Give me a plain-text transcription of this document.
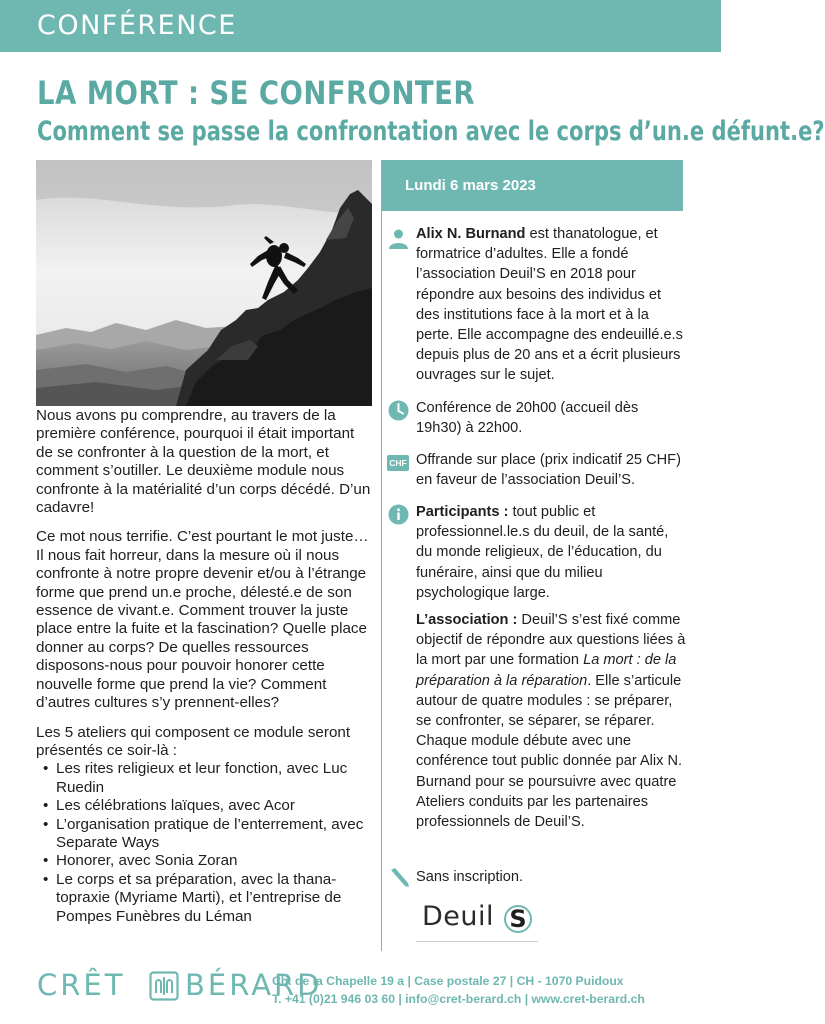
CONFÉRENCE
LA MORT : SE CONFRONTER
Comment se passe la confrontation avec le corps d’un.e défunt.e?

Nous avons pu comprendre, au travers de la première conférence, pourquoi il était important de se confronter à la question de la mort, et comment s’outiller. Le deuxième module nous confronte à la matérialité d’un corps décédé. D’un cadavre!

Ce mot nous terrifie. C’est pourtant le mot juste… Il nous fait horreur, dans la mesure où il nous confronte à notre propre devenir et/ou à l’étrange forme que prend un.e proche, délesté.e de son essence de vivant.e. Comment trouver la juste place entre la fuite et la fascination? Quelle place donner au corps? De quelles ressources disposons-nous pour pouvoir honorer cette nouvelle forme que prend la vie? Comment d’autres cultures s’y prennent-elles?

Les 5 ateliers qui composent ce module seront présentés ce soir-là :

• Les rites religieux et leur fonction, avec Luc Ruedin
• Les célébrations laïques, avec Acor
• L’organisation pratique de l’enterrement, avec Separate Ways
• Honorer, avec Sonia Zoran
• Le corps et sa préparation, avec la thanatopraxie (Myriame Marti), et l’entreprise de Pompes Funèbres du Léman
Lundi 6 mars 2023
Alix N. Burnand est thanatologue, et formatrice d’adultes. Elle a fondé l’association Deuil’S en 2018 pour répondre aux besoins des individus et des institutions face à la mort et à la perte. Elle accompagne des endeuillé.e.s depuis plus de 20 ans et a écrit plusieurs ouvrages sur le sujet.
Conférence de 20h00 (accueil dès 19h30) à 22h00.
CHF Offrande sur place (prix indicatif 25 CHF) en faveur de l’association Deuil’S.
Participants : tout public et professionnel.le.s du deuil, de la santé, du monde religieux, de l’éducation, du funéraire, ainsi que du milieu psychologique large.
L’association : Deuil’S s’est fixé comme objectif de répondre aux questions liées à la mort par une formation La mort : de la préparation à la réparation. Elle s’articule autour de quatre modules : se préparer, se confronter, se séparer, se réparer. Chaque module débute avec une conférence tout public donnée par Alix N. Burnand pour se poursuivre avec quatre Ateliers conduits par les partenaires professionnels de Deuil’S.
Sans inscription.
Deuil S
CRÊT BÉRARD
Ch. de la Chapelle 19 a | Case postale 27 | CH - 1070 Puidoux
T. +41 (0)21 946 03 60 | info@cret-berard.ch | www.cret-berard.ch
